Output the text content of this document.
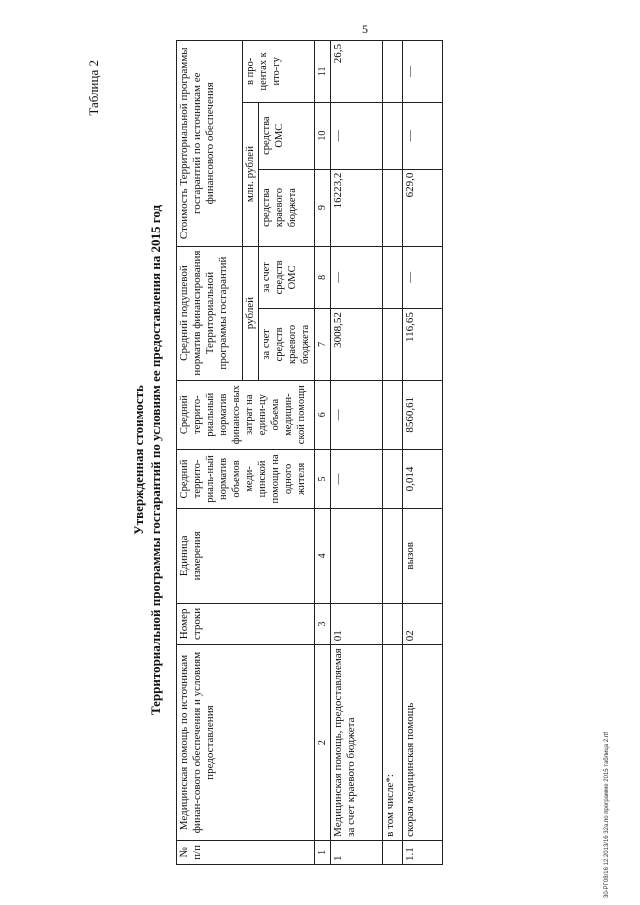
5
30-РГ08/16 12.2013/16 32а.по программе 2015 таблица 2.rtf
Таблица 2
Утвержденная стоимость Территориальной программы госгарантий по условиям ее предоставления на 2015 год
№ п/п	Медицинская помощь по источникам финан-сового обеспечения и условиям предоставления	Номер строки	Единица измерения	Средний террито-риаль-ный норматив объемов меди-цинской помощи на одного жителя	Средний террито-риальный норматив финансо-вых затрат на едини-цу объема медицин-ской помощи	Средний подушевой норматив финансирования Территориальной программы госгарантий		Стоимость Территориальной программы госгарантий по источникам ее финансового обеспечения		
						рублей		млн. рублей		в про-центах к ито-гу
						за счет средств краевого бюджета	за счет средств ОМС	средства краевого бюджета	средства ОМС	
1	2	3	4	5	6	7	8	9	10	11
1	Медицинская помощь, предоставляемая за счет краевого бюджета	01		—	—	3008,52	—	16223,2	—	26,5
	в том числе*:									
1.1	скорая медицинская помощь	02	вызов	0,014	8560,61	116,65	—	629,0	—	—
